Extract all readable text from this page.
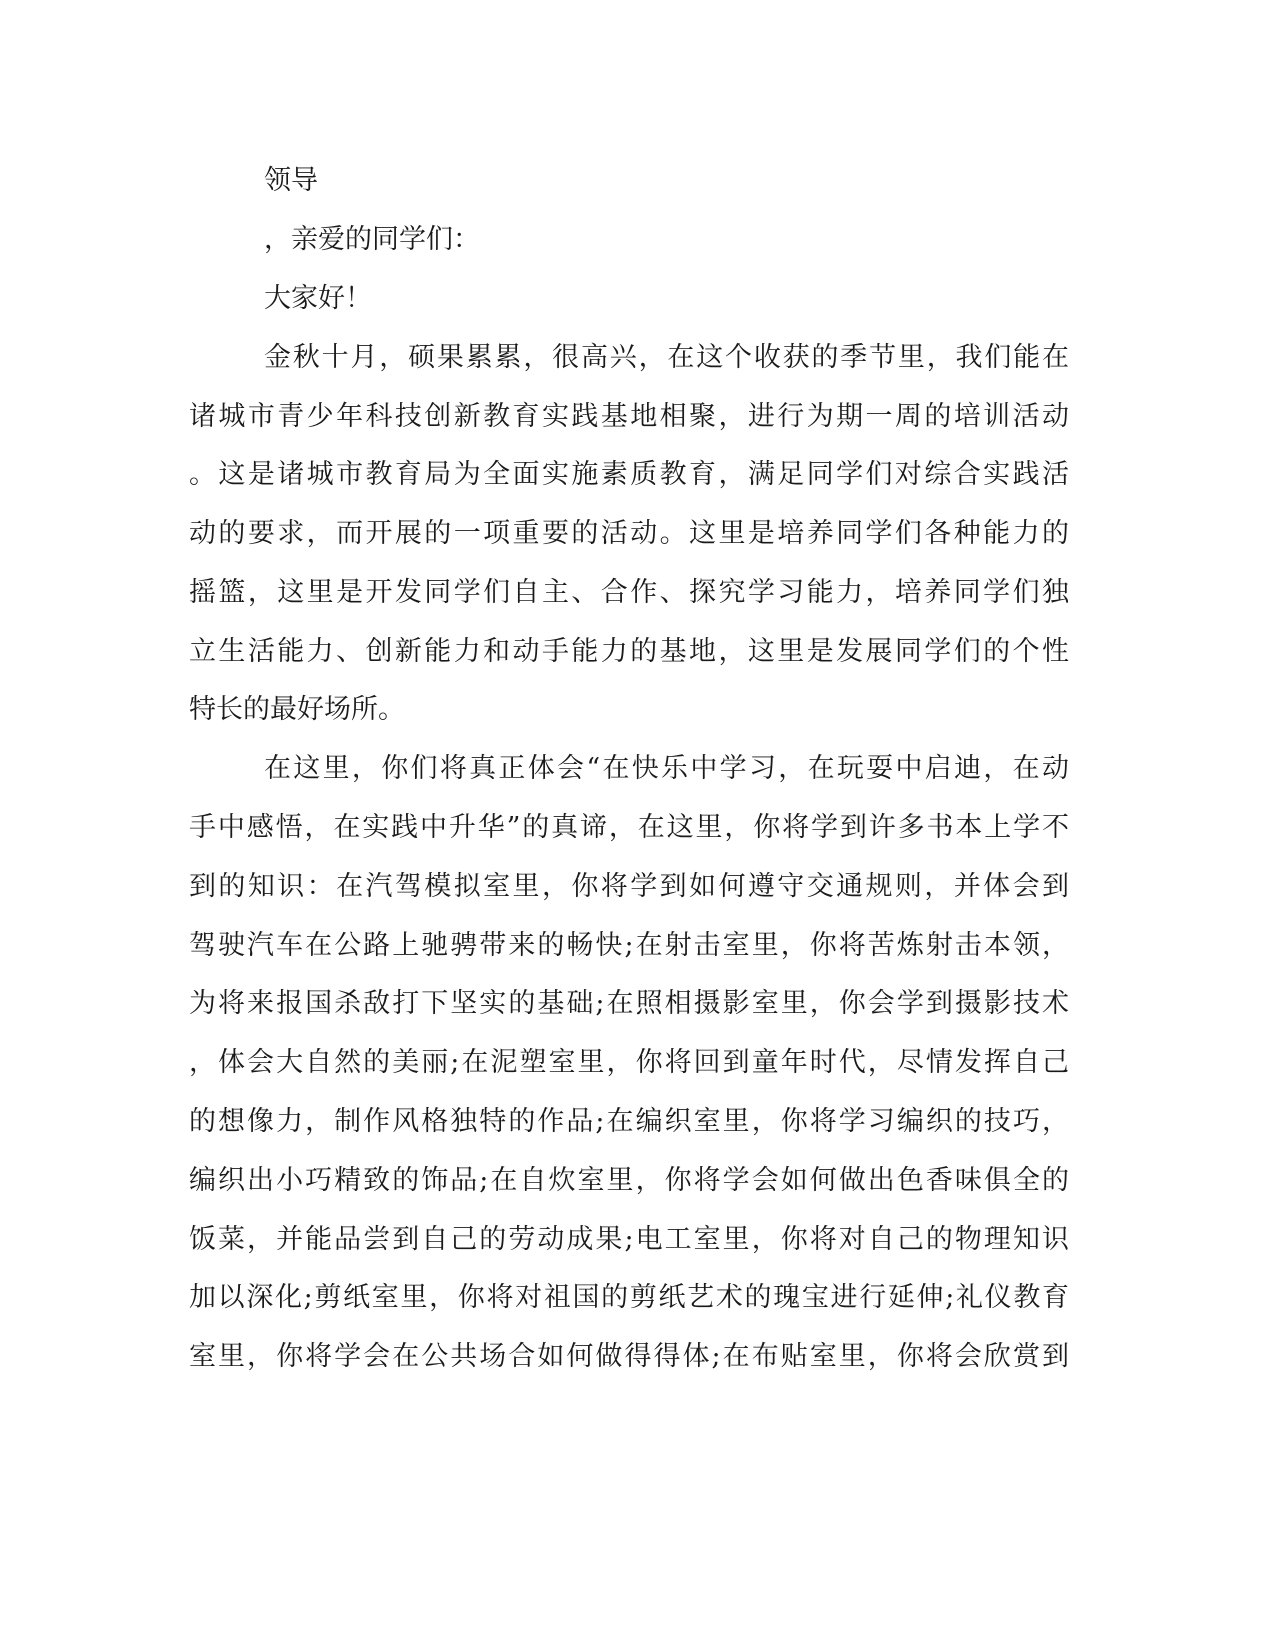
领导
，亲爱的同学们：
大家好！
金秋十月，硕果累累，很高兴，在这个收获的季节里，我们能在
诸城市青少年科技创新教育实践基地相聚，进行为期一周的培训活动
。这是诸城市教育局为全面实施素质教育，满足同学们对综合实践活
动的要求，而开展的一项重要的活动。这里是培养同学们各种能力的
摇篮，这里是开发同学们自主、合作、探究学习能力，培养同学们独
立生活能力、创新能力和动手能力的基地，这里是发展同学们的个性
特长的最好场所。
在这里，你们将真正体会“在快乐中学习，在玩耍中启迪，在动
手中感悟，在实践中升华”的真谛，在这里，你将学到许多书本上学不
到的知识：在汽驾模拟室里，你将学到如何遵守交通规则，并体会到
驾驶汽车在公路上驰骋带来的畅快;在射击室里，你将苦炼射击本领，
为将来报国杀敌打下坚实的基础;在照相摄影室里，你会学到摄影技术
，体会大自然的美丽;在泥塑室里，你将回到童年时代，尽情发挥自己
的想像力，制作风格独特的作品;在编织室里，你将学习编织的技巧，
编织出小巧精致的饰品;在自炊室里，你将学会如何做出色香味俱全的
饭菜，并能品尝到自己的劳动成果;电工室里，你将对自己的物理知识
加以深化;剪纸室里，你将对祖国的剪纸艺术的瑰宝进行延伸;礼仪教育
室里，你将学会在公共场合如何做得得体;在布贴室里，你将会欣赏到
